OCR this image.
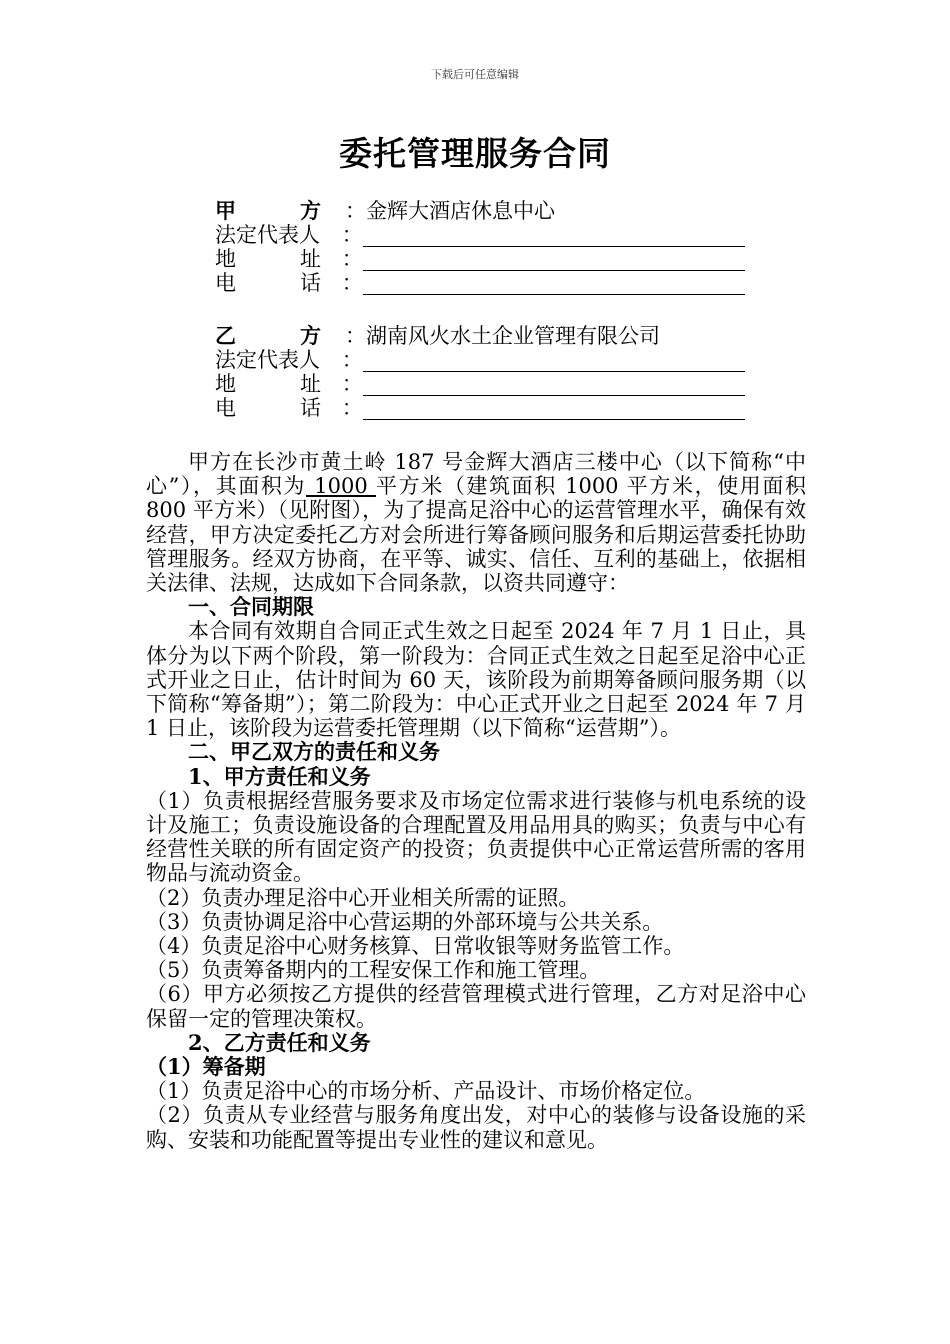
下载后可任意编辑
委托管理服务合同
甲	方	： 金辉大酒店休息中心
法定代表人	：
地	址 ：
电	话 ：
乙	方	： 湖南风火水土企业管理有限公司
法定代表人	：
地	址 ：
电	话 ：

甲方在长沙市黄土岭 187 号金辉大酒店三楼中心（以下简称“中心”），其面积为 1000 平方米（建筑面积 1000 平方米，使用面积 800 平方米）（见附图），为了提高足浴中心的运营管理水平，确保有效经营，甲方决定委托乙方对会所进行筹备顾问服务和后期运营委托协助管理服务。经双方协商，在平等、诚实、信任、互利的基础上，依据相关法律、法规，达成如下合同条款，以资共同遵守：

一、合同期限

本合同有效期自合同正式生效之日起至 2024 年 7 月 1 日止，具体分为以下两个阶段，第一阶段为：合同正式生效之日起至足浴中心正式开业之日止，估计时间为 60 天，该阶段为前期筹备顾问服务期（以下简称“筹备期”）；第二阶段为：中心正式开业之日起至 2024 年 7 月 1 日止，该阶段为运营委托管理期（以下简称“运营期”）。

二、甲乙双方的责任和义务

1、甲方责任和义务

（1）负责根据经营服务要求及市场定位需求进行装修与机电系统的设计及施工；负责设施设备的合理配置及用品用具的购买；负责与中心有经营性关联的所有固定资产的投资；负责提供中心正常运营所需的客用物品与流动资金。

（2）负责办理足浴中心开业相关所需的证照。

（3）负责协调足浴中心营运期的外部环境与公共关系。

（4）负责足浴中心财务核算、日常收银等财务监管工作。

（5）负责筹备期内的工程安保工作和施工管理。

（6）甲方必须按乙方提供的经营管理模式进行管理，乙方对足浴中心保留一定的管理决策权。

2、乙方责任和义务

（1）筹备期

（1）负责足浴中心的市场分析、产品设计、市场价格定位。

（2）负责从专业经营与服务角度出发，对中心的装修与设备设施的采购、安装和功能配置等提出专业性的建议和意见。
